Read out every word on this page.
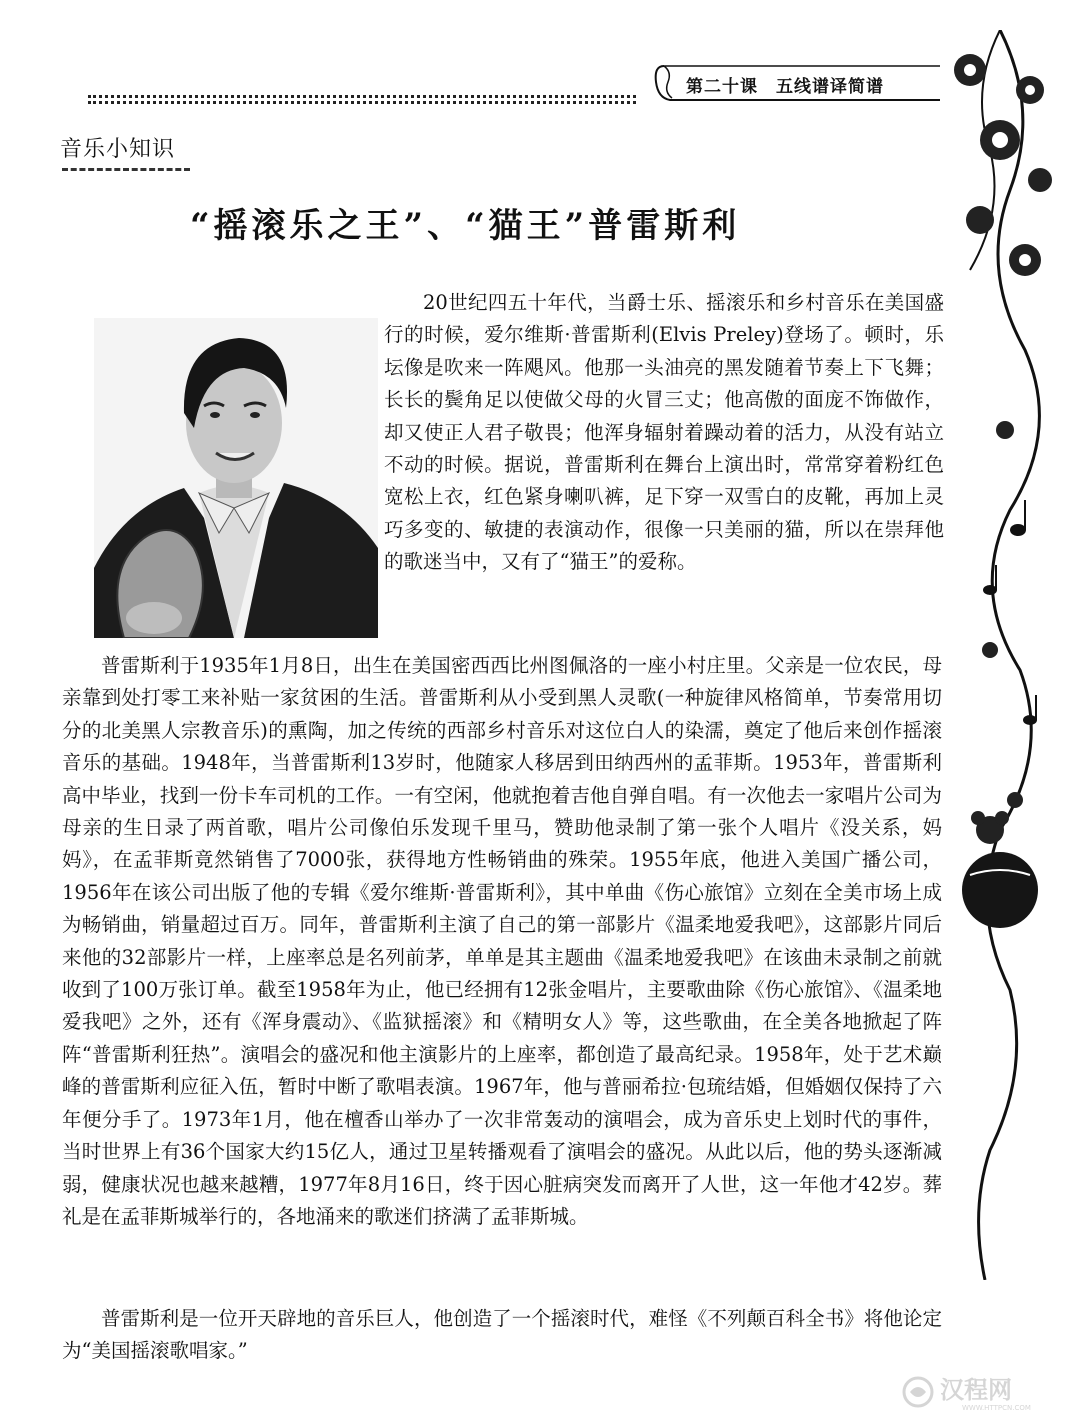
第二十课　五线谱译简谱
音乐小知识
“摇滚乐之王”、“猫王”普雷斯利

20世纪四五十年代，当爵士乐、摇滚乐和乡村音乐在美国盛行的时候，爱尔维斯·普雷斯利(Elvis Preley)登场了。顿时，乐坛像是吹来一阵飓风。他那一头油亮的黑发随着节奏上下飞舞；长长的鬓角足以使做父母的火冒三丈；他高傲的面庞不饰做作，却又使正人君子敬畏；他浑身辐射着躁动着的活力，从没有站立不动的时候。据说，普雷斯利在舞台上演出时，常常穿着粉红色宽松上衣，红色紧身喇叭裤，足下穿一双雪白的皮靴，再加上灵巧多变的、敏捷的表演动作，很像一只美丽的猫，所以在崇拜他的歌迷当中，又有了“猫王”的爱称。

普雷斯利于1935年1月8日，出生在美国密西西比州图佩洛的一座小村庄里。父亲是一位农民，母亲靠到处打零工来补贴一家贫困的生活。普雷斯利从小受到黑人灵歌(一种旋律风格简单，节奏常用切分的北美黑人宗教音乐)的熏陶，加之传统的西部乡村音乐对这位白人的染濡，奠定了他后来创作摇滚音乐的基础。1948年，当普雷斯利13岁时，他随家人移居到田纳西州的孟菲斯。1953年，普雷斯利高中毕业，找到一份卡车司机的工作。一有空闲，他就抱着吉他自弹自唱。有一次他去一家唱片公司为母亲的生日录了两首歌，唱片公司像伯乐发现千里马，赞助他录制了第一张个人唱片《没关系，妈妈》，在孟菲斯竟然销售了7000张，获得地方性畅销曲的殊荣。1955年底，他进入美国广播公司，1956年在该公司出版了他的专辑《爱尔维斯·普雷斯利》，其中单曲《伤心旅馆》立刻在全美市场上成为畅销曲，销量超过百万。同年，普雷斯利主演了自己的第一部影片《温柔地爱我吧》，这部影片同后来他的32部影片一样，上座率总是名列前茅，单单是其主题曲《温柔地爱我吧》在该曲未录制之前就收到了100万张订单。截至1958年为止，他已经拥有12张金唱片，主要歌曲除《伤心旅馆》、《温柔地爱我吧》之外，还有《浑身震动》、《监狱摇滚》和《精明女人》等，这些歌曲，在全美各地掀起了阵阵“普雷斯利狂热”。演唱会的盛况和他主演影片的上座率，都创造了最高纪录。1958年，处于艺术巅峰的普雷斯利应征入伍，暂时中断了歌唱表演。1967年，他与普丽希拉·包琉结婚，但婚姻仅保持了六年便分手了。1973年1月，他在檀香山举办了一次非常轰动的演唱会，成为音乐史上划时代的事件，当时世界上有36个国家大约15亿人，通过卫星转播观看了演唱会的盛况。从此以后，他的势头逐渐减弱，健康状况也越来越糟，1977年8月16日，终于因心脏病突发而离开了人世，这一年他才42岁。葬礼是在孟菲斯城举行的，各地涌来的歌迷们挤满了孟菲斯城。

普雷斯利是一位开天辟地的音乐巨人，他创造了一个摇滚时代，难怪《不列颠百科全书》将他论定为“美国摇滚歌唱家。”

汉程网
WWW.HTTPCN.COM
